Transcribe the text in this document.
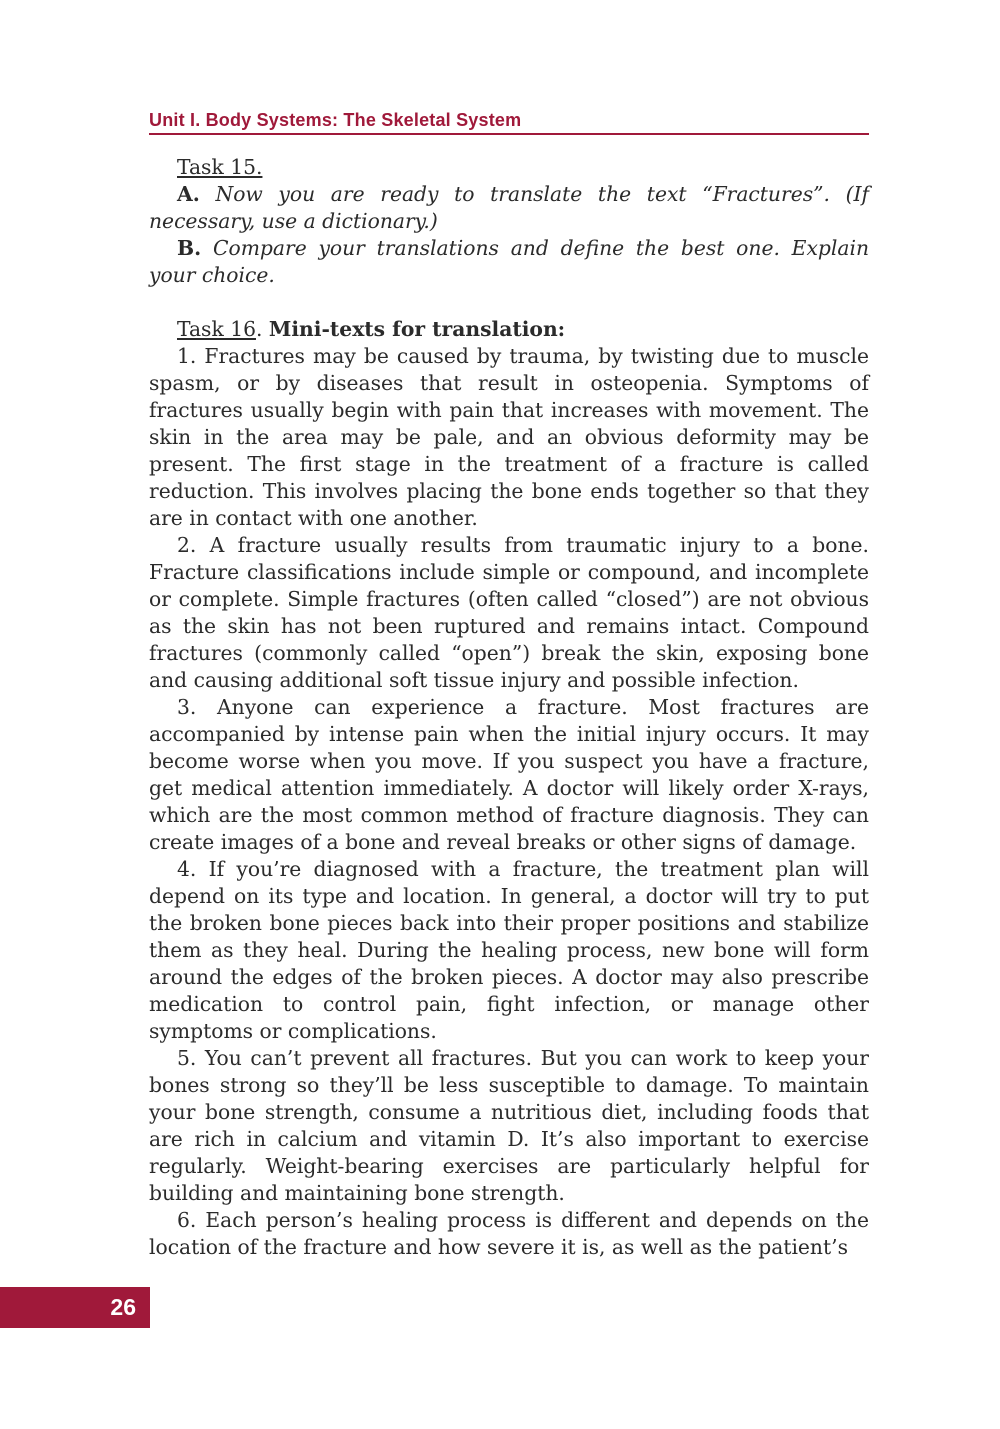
Unit I. Body Systems: The Skeletal System

Task 15.

A. Now you are ready to translate the text “Fractures”. (If necessary, use a dictionary.)

B. Compare your translations and define the best one. Explain your choice.

Task 16. Mini-texts for translation:

1. Fractures may be caused by trauma, by twisting due to muscle spasm, or by diseases that result in osteopenia. Symptoms of fractures usually begin with pain that increases with movement. The skin in the area may be pale, and an obvious deformity may be present. The first stage in the treatment of a fracture is called reduction. This involves placing the bone ends together so that they are in contact with one another.

2. A fracture usually results from traumatic injury to a bone. Fracture classifications include simple or compound, and incomplete or complete. Simple fractures (often called “closed”) are not obvious as the skin has not been ruptured and remains intact. Compound fractures (commonly called “open”) break the skin, exposing bone and causing additional soft tissue injury and possible infection.

3. Anyone can experience a fracture. Most fractures are accompanied by intense pain when the initial injury occurs. It may become worse when you move. If you suspect you have a fracture, get medical attention immediately. A doctor will likely order X-rays, which are the most common method of fracture diagnosis. They can create images of a bone and reveal breaks or other signs of damage.

4. If you’re diagnosed with a fracture, the treatment plan will depend on its type and location. In general, a doctor will try to put the broken bone pieces back into their proper positions and stabilize them as they heal. During the healing process, new bone will form around the edges of the broken pieces. A doctor may also prescribe medication to control pain, fight infection, or manage other symptoms or complications.

5. You can’t prevent all fractures. But you can work to keep your bones strong so they’ll be less susceptible to damage. To maintain your bone strength, consume a nutritious diet, including foods that are rich in calcium and vitamin D. It’s also important to exercise regularly. Weight-bearing exercises are particularly helpful for building and maintaining bone strength.

6. Each person’s healing process is different and depends on the location of the fracture and how severe it is, as well as the patient’s

26
